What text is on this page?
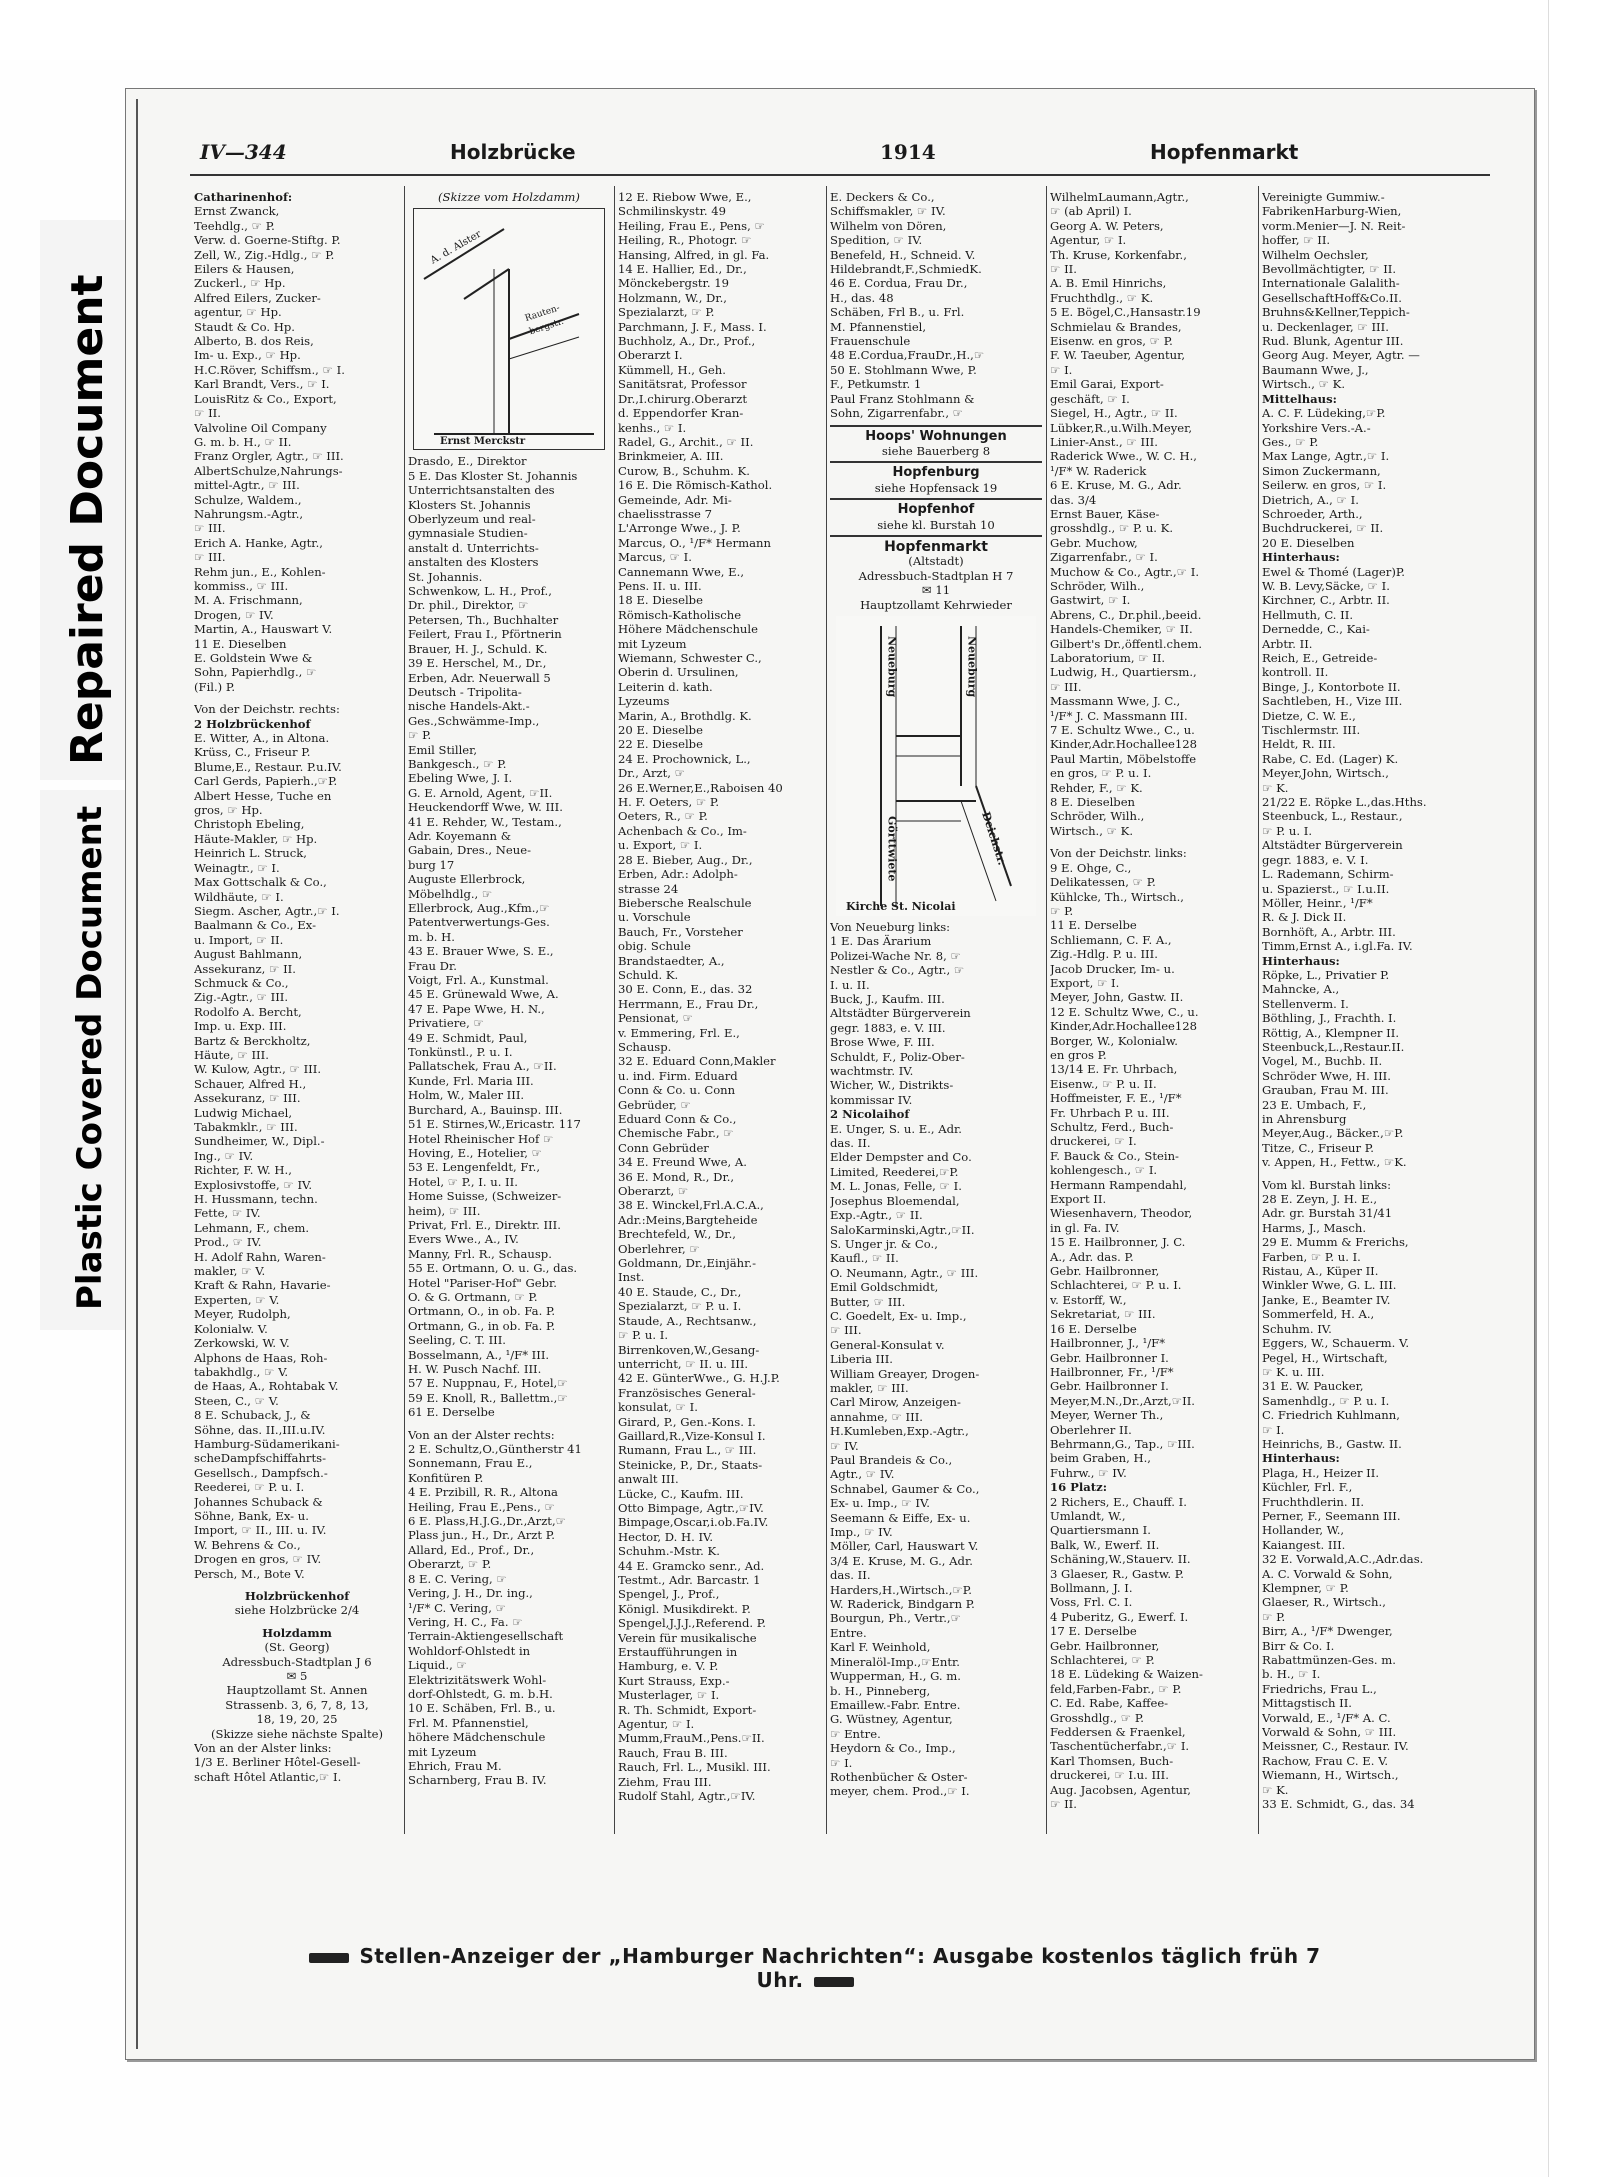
Repaired Document
Plastic Covered Document
IV—344	Holzbrücke	1914	Hopfenmarkt
Catharinenhof:
Ernst Zwanck,
Teehdlg., ☞ P.
Verw. d. Goerne-Stiftg. P.
Zell, W., Zig.-Hdlg., ☞ P.
Eilers & Hausen,
Zuckerl., ☞ Hp.
Alfred Eilers, Zucker-
agentur, ☞ Hp.
Staudt & Co. Hp.
Alberto, B. dos Reis,
Im- u. Exp., ☞ Hp.
H.C.Röver, Schiffsm., ☞ I.
Karl Brandt, Vers., ☞ I.
LouisRitz & Co., Export,
☞ II.
Valvoline Oil Company
G. m. b. H., ☞ II.
Franz Orgler, Agtr., ☞ III.
AlbertSchulze,Nahrungs-
mittel-Agtr., ☞ III.
Schulze, Waldem.,
Nahrungsm.-Agtr.,
☞ III.
Erich A. Hanke, Agtr.,
☞ III.
Rehm jun., E., Kohlen-
kommiss., ☞ III.
M. A. Frischmann,
Drogen, ☞ IV.
Martin, A., Hauswart V.
11 E. Dieselben
E. Goldstein Wwe &
Sohn, Papierhdlg., ☞
(Fil.) P.
Von der Deichstr. rechts:
2 Holzbrückenhof
E. Witter, A., in Altona.
Krüss, C., Friseur P.
Blume,E., Restaur. P.u.IV.
Carl Gerds, Papierh.,☞P.
Albert Hesse, Tuche en
gros, ☞ Hp.
Christoph Ebeling,
Häute-Makler, ☞ Hp.
Heinrich L. Struck,
Weinagtr., ☞ I.
Max Gottschalk & Co.,
Wildhäute, ☞ I.
Siegm. Ascher, Agtr.,☞ I.
Baalmann & Co., Ex-
u. Import, ☞ II.
August Bahlmann,
Assekuranz, ☞ II.
Schmuck & Co.,
Zig.-Agtr., ☞ III.
Rodolfo A. Bercht,
Imp. u. Exp. III.
Bartz & Berckholtz,
Häute, ☞ III.
W. Kulow, Agtr., ☞ III.
Schauer, Alfred H.,
Assekuranz, ☞ III.
Ludwig Michael,
Tabakmklr., ☞ III.
Sundheimer, W., Dipl.-
Ing., ☞ IV.
Richter, F. W. H.,
Explosivstoffe, ☞ IV.
H. Hussmann, techn.
Fette, ☞ IV.
Lehmann, F., chem.
Prod., ☞ IV.
H. Adolf Rahn, Waren-
makler, ☞ V.
Kraft & Rahn, Havarie-
Experten, ☞ V.
Meyer, Rudolph,
Kolonialw. V.
Zerkowski, W. V.
Alphons de Haas, Roh-
tabakhdlg., ☞ V.
de Haas, A., Rohtabak V.
Steen, C., ☞ V.
8 E. Schuback, J., &
Söhne, das. II.,III.u.IV.
Hamburg-Südamerikani-
scheDampfschiffahrts-
Gesellsch., Dampfsch.-
Reederei, ☞ P. u. I.
Johannes Schuback &
Söhne, Bank, Ex- u.
Import, ☞ II., III. u. IV.
W. Behrens & Co.,
Drogen en gros, ☞ IV.
Persch, M., Bote V.
Holzbrückenhof
siehe Holzbrücke 2/4
Holzdamm
(St. Georg)
Adressbuch-Stadtplan J 6
✉ 5
Hauptzollamt St. Annen
Strassenb. 3, 6, 7, 8, 13,
18, 19, 20, 25
(Skizze siehe nächste Spalte)
Von an der Alster links:
1/3 E. Berliner Hôtel-Gesell-
schaft Hôtel Atlantic,☞ I.
(Skizze vom Holzdamm)
A. d. Alster
Rauten-bergstr.
Ernst Merckstr
Drasdo, E., Direktor
5 E. Das Kloster St. Johannis
Unterrichtsanstalten des
Klosters St. Johannis
Oberlyzeum und real-
gymnasiale Studien-
anstalt d. Unterrichts-
anstalten des Klosters
St. Johannis.
Schwenkow, L. H., Prof.,
Dr. phil., Direktor, ☞
Petersen, Th., Buchhalter
Feilert, Frau I., Pförtnerin
Brauer, H. J., Schuld. K.
39 E. Herschel, M., Dr.,
Erben, Adr. Neuerwall 5
Deutsch - Tripolita-
nische Handels-Akt.-
Ges.,Schwämme-Imp.,
☞ P.
Emil Stiller,
Bankgesch., ☞ P.
Ebeling Wwe, J. I.
G. E. Arnold, Agent, ☞II.
Heuckendorff Wwe, W. III.
41 E. Rehder, W., Testam.,
Adr. Koyemann &
Gabain, Dres., Neue-
burg 17
Auguste Ellerbrock,
Möbelhdlg., ☞
Ellerbrock, Aug.,Kfm.,☞
Patentverwertungs-Ges.
m. b. H.
43 E. Brauer Wwe, S. E.,
Frau Dr.
Voigt, Frl. A., Kunstmal.
45 E. Grünewald Wwe, A.
47 E. Pape Wwe, H. N.,
Privatiere, ☞
49 E. Schmidt, Paul,
Tonkünstl., P. u. I.
Pallatschek, Frau A., ☞II.
Kunde, Frl. Maria III.
Holm, W., Maler III.
Burchard, A., Bauinsp. III.
51 E. Stirnes,W.,Ericastr. 117
Hotel Rheinischer Hof ☞
Hoving, E., Hotelier, ☞
53 E. Lengenfeldt, Fr.,
Hotel, ☞ P., I. u. II.
Home Suisse, (Schweizer-
heim), ☞ III.
Privat, Frl. E., Direktr. III.
Evers Wwe., A., IV.
Manny, Frl. R., Schausp.
55 E. Ortmann, O. u. G., das.
Hotel "Pariser-Hof" Gebr.
O. & G. Ortmann, ☞ P.
Ortmann, O., in ob. Fa. P.
Ortmann, G., in ob. Fa. P.
Seeling, C. T. III.
Bosselmann, A., ¹/F* III.
H. W. Pusch Nachf. III.
57 E. Nuppnau, F., Hotel,☞
59 E. Knoll, R., Ballettm.,☞
61 E. Derselbe
Von an der Alster rechts:
2 E. Schultz,O.,Güntherstr 41
Sonnemann, Frau E.,
Konfitüren P.
4 E. Przibill, R. R., Altona
Heiling, Frau E.,Pens., ☞
6 E. Plass,H.J.G.,Dr.,Arzt,☞
Plass jun., H., Dr., Arzt P.
Allard, Ed., Prof., Dr.,
Oberarzt, ☞ P.
8 E. C. Vering, ☞
Vering, J. H., Dr. ing.,
¹/F* C. Vering, ☞
Vering, H. C., Fa. ☞
Terrain-Aktiengesellschaft
Wohldorf-Ohlstedt in
Liquid., ☞
Elektrizitätswerk Wohl-
dorf-Ohlstedt, G. m. b.H.
10 E. Schäben, Frl. B., u.
Frl. M. Pfannenstiel,
höhere Mädchenschule
mit Lyzeum
Ehrich, Frau M.
Scharnberg, Frau B. IV.
12 E. Riebow Wwe, E.,
Schmilinskystr. 49
Heiling, Frau E., Pens, ☞
Heiling, R., Photogr. ☞
Hansing, Alfred, in gl. Fa.
14 E. Hallier, Ed., Dr.,
Mönckebergstr. 19
Holzmann, W., Dr.,
Spezialarzt, ☞ P.
Parchmann, J. F., Mass. I.
Buchholz, A., Dr., Prof.,
Oberarzt I.
Kümmell, H., Geh.
Sanitätsrat, Professor
Dr.,I.chirurg.Oberarzt
d. Eppendorfer Kran-
kenhs., ☞ I.
Radel, G., Archit., ☞ II.
Brinkmeier, A. III.
Curow, B., Schuhm. K.
16 E. Die Römisch-Kathol.
Gemeinde, Adr. Mi-
chaelisstrasse 7
L'Arronge Wwe., J. P.
Marcus, O., ¹/F* Hermann
Marcus, ☞ I.
Cannemann Wwe, E.,
Pens. II. u. III.
18 E. Dieselbe
Römisch-Katholische
Höhere Mädchenschule
mit Lyzeum
Wiemann, Schwester C.,
Oberin d. Ursulinen,
Leiterin d. kath.
Lyzeums
Marin, A., Brothdlg. K.
20 E. Dieselbe
22 E. Dieselbe
24 E. Prochownick, L.,
Dr., Arzt, ☞
26 E.Werner,E.,Raboisen 40
H. F. Oeters, ☞ P.
Oeters, R., ☞ P.
Achenbach & Co., Im-
u. Export, ☞ I.
28 E. Bieber, Aug., Dr.,
Erben, Adr.: Adolph-
strasse 24
Biebersche Realschule
u. Vorschule
Bauch, Fr., Vorsteher
obig. Schule
Brandstaedter, A.,
Schuld. K.
30 E. Conn, E., das. 32
Herrmann, E., Frau Dr.,
Pensionat, ☞
v. Emmering, Frl. E.,
Schausp.
32 E. Eduard Conn,Makler
u. ind. Firm. Eduard
Conn & Co. u. Conn
Gebrüder, ☞
Eduard Conn & Co.,
Chemische Fabr., ☞
Conn Gebrüder
34 E. Freund Wwe, A.
36 E. Mond, R., Dr.,
Oberarzt, ☞
38 E. Winckel,Frl.A.C.A.,
Adr.:Meins,Bargteheide
Brechtefeld, W., Dr.,
Oberlehrer, ☞
Goldmann, Dr.,Einjähr.-
Inst.
40 E. Staude, C., Dr.,
Spezialarzt, ☞ P. u. I.
Staude, A., Rechtsanw.,
☞ P. u. I.
Birrenkoven,W.,Gesang-
unterricht, ☞ II. u. III.
42 E. GünterWwe., G. H.J.P.
Französisches General-
konsulat, ☞ I.
Girard, P., Gen.-Kons. I.
Gaillard,R.,Vize-Konsul I.
Rumann, Frau L., ☞ III.
Steinicke, P., Dr., Staats-
anwalt III.
Lücke, C., Kaufm. III.
Otto Bimpage, Agtr.,☞IV.
Bimpage,Oscar,i.ob.Fa.IV.
Hector, D. H. IV.
Schuhm.-Mstr. K.
44 E. Gramcko senr., Ad.
Testmt., Adr. Barcastr. 1
Spengel, J., Prof.,
Königl. Musikdirekt. P.
Spengel,J.J.J.,Referend. P.
Verein für musikalische
Erstaufführungen in
Hamburg, e. V. P.
Kurt Strauss, Exp.-
Musterlager, ☞ I.
R. Th. Schmidt, Export-
Agentur, ☞ I.
Mumm,FrauM.,Pens.☞II.
Rauch, Frau B. III.
Rauch, Frl. L., Musikl. III.
Ziehm, Frau III.
Rudolf Stahl, Agtr.,☞IV.
E. Deckers & Co.,
Schiffsmakler, ☞ IV.
Wilhelm von Dören,
Spedition, ☞ IV.
Benefeld, H., Schneid. V.
Hildebrandt,F.,SchmiedK.
46 E. Cordua, Frau Dr.,
H., das. 48
Schäben, Frl B., u. Frl.
M. Pfannenstiel,
Frauenschule
48 E.Cordua,FrauDr.,H.,☞
50 E. Stohlmann Wwe, P.
F., Petkumstr. 1
Paul Franz Stohlmann &
Sohn, Zigarrenfabr., ☞
Hoops' Wohnungen
siehe Bauerberg 8
Hopfenburg
siehe Hopfensack 19
Hopfenhof
siehe kl. Burstah 10
Hopfenmarkt
(Altstadt)
Adressbuch-Stadtplan H 7
✉ 11
Hauptzollamt Kehrwieder
Neueburg	Neueburg
Görttwiete	Deichstr.
Kirche St. Nicolai
Von Neueburg links:
1 E. Das Ärarium
Polizei-Wache Nr. 8, ☞
Nestler & Co., Agtr., ☞
I. u. II.
Buck, J., Kaufm. III.
Altstädter Bürgerverein
gegr. 1883, e. V. III.
Brose Wwe, F. III.
Schuldt, F., Poliz-Ober-
wachtmstr. IV.
Wicher, W., Distrikts-
kommissar IV.
2 Nicolaihof
E. Unger, S. u. E., Adr.
das. II.
Elder Dempster and Co.
Limited, Reederei,☞P.
M. L. Jonas, Felle, ☞ I.
Josephus Bloemendal,
Exp.-Agtr., ☞ II.
SaloKarminski,Agtr.,☞II.
S. Unger jr. & Co.,
Kaufl., ☞ II.
O. Neumann, Agtr., ☞ III.
Emil Goldschmidt,
Butter, ☞ III.
C. Goedelt, Ex- u. Imp.,
☞ III.
General-Konsulat v.
Liberia III.
William Greayer, Drogen-
makler, ☞ III.
Carl Mirow, Anzeigen-
annahme, ☞ III.
H.Kumleben,Exp.-Agtr.,
☞ IV.
Paul Brandeis & Co.,
Agtr., ☞ IV.
Schnabel, Gaumer & Co.,
Ex- u. Imp., ☞ IV.
Seemann & Eiffe, Ex- u.
Imp., ☞ IV.
Möller, Carl, Hauswart V.
3/4 E. Kruse, M. G., Adr.
das. II.
Harders,H.,Wirtsch.,☞P.
W. Raderick, Bindgarn P.
Bourgun, Ph., Vertr.,☞
Entre.
Karl F. Weinhold,
Mineralöl-Imp.,☞Entr.
Wupperman, H., G. m.
b. H., Pinneberg,
Emaillew.-Fabr. Entre.
G. Wüstney, Agentur,
☞ Entre.
Heydorn & Co., Imp.,
☞ I.
Rothenbücher & Oster-
meyer, chem. Prod.,☞ I.
WilhelmLaumann,Agtr.,
☞ (ab April) I.
Georg A. W. Peters,
Agentur, ☞ I.
Th. Kruse, Korkenfabr.,
☞ II.
A. B. Emil Hinrichs,
Fruchthdlg., ☞ K.
5 E. Bögel,C.,Hansastr.19
Schmielau & Brandes,
Eisenw. en gros, ☞ P.
F. W. Taeuber, Agentur,
☞ I.
Emil Garai, Export-
geschäft, ☞ I.
Siegel, H., Agtr., ☞ II.
Lübker,R.,u.Wilh.Meyer,
Linier-Anst., ☞ III.
Raderick Wwe., W. C. H.,
¹/F* W. Raderick
6 E. Kruse, M. G., Adr.
das. 3/4
Ernst Bauer, Käse-
grosshdlg., ☞ P. u. K.
Gebr. Muchow,
Zigarrenfabr., ☞ I.
Muchow & Co., Agtr.,☞ I.
Schröder, Wilh.,
Gastwirt, ☞ I.
Abrens, C., Dr.phil.,beeid.
Handels-Chemiker, ☞ II.
Gilbert's Dr.,öffentl.chem.
Laboratorium, ☞ II.
Ludwig, H., Quartiersm.,
☞ III.
Massmann Wwe, J. C.,
¹/F* J. C. Massmann III.
7 E. Schultz Wwe., C., u.
Kinder,Adr.Hochallee128
Paul Martin, Möbelstoffe
en gros, ☞ P. u. I.
Rehder, F., ☞ K.
8 E. Dieselben
Schröder, Wilh.,
Wirtsch., ☞ K.
Von der Deichstr. links:
9 E. Ohge, C.,
Delikatessen, ☞ P.
Kühlcke, Th., Wirtsch.,
☞ P.
11 E. Derselbe
Schliemann, C. F. A.,
Zig.-Hdlg. P. u. III.
Jacob Drucker, Im- u.
Export, ☞ I.
Meyer, John, Gastw. II.
12 E. Schultz Wwe, C., u.
Kinder,Adr.Hochallee128
Borger, W., Kolonialw.
en gros P.
13/14 E. Fr. Uhrbach,
Eisenw., ☞ P. u. II.
Hoffmeister, F. E., ¹/F*
Fr. Uhrbach P. u. III.
Schultz, Ferd., Buch-
druckerei, ☞ I.
F. Bauck & Co., Stein-
kohlengesch., ☞ I.
Hermann Rampendahl,
Export II.
Wiesenhavern, Theodor,
in gl. Fa. IV.
15 E. Hailbronner, J. C.
A., Adr. das. P.
Gebr. Hailbronner,
Schlachterei, ☞ P. u. I.
v. Estorff, W.,
Sekretariat, ☞ III.
16 E. Derselbe
Hailbronner, J., ¹/F*
Gebr. Hailbronner I.
Hailbronner, Fr., ¹/F*
Gebr. Hailbronner I.
Meyer,M.N.,Dr.,Arzt,☞II.
Meyer, Werner Th.,
Oberlehrer II.
Behrmann,G., Tap., ☞III.
beim Graben, H.,
Fuhrw., ☞ IV.
16 Platz:
2 Richers, E., Chauff. I.
Umlandt, W.,
Quartiersmann I.
Balk, W., Ewerf. II.
Schäning,W.,Stauerv. II.
3 Glaeser, R., Gastw. P.
Bollmann, J. I.
Voss, Frl. C. I.
4 Puberitz, G., Ewerf. I.
17 E. Derselbe
Gebr. Hailbronner,
Schlachterei, ☞ P.
18 E. Lüdeking & Waizen-
feld,Farben-Fabr., ☞ P.
C. Ed. Rabe, Kaffee-
Grosshdlg., ☞ P.
Feddersen & Fraenkel,
Taschentücherfabr.,☞ I.
Karl Thomsen, Buch-
druckerei, ☞ I.u. III.
Aug. Jacobsen, Agentur,
☞ II.
Vereinigte Gummiw.-
FabrikenHarburg-Wien,
vorm.Menier—J. N. Reit-
hoffer, ☞ II.
Wilhelm Oechsler,
Bevollmächtigter, ☞ II.
Internationale Galalith-
GesellschaftHoff&Co.II.
Bruhns&Kellner,Teppich-
u. Deckenlager, ☞ III.
Rud. Blunk, Agentur III.
Georg Aug. Meyer, Agtr. —
Baumann Wwe, J.,
Wirtsch., ☞ K.
Mittelhaus:
A. C. F. Lüdeking,☞P.
Yorkshire Vers.-A.-
Ges., ☞ P.
Max Lange, Agtr.,☞ I.
Simon Zuckermann,
Seilerw. en gros, ☞ I.
Dietrich, A., ☞ I.
Schroeder, Arth.,
Buchdruckerei, ☞ II.
20 E. Dieselben
Hinterhaus:
Ewel & Thomé (Lager)P.
W. B. Levy,Säcke, ☞ I.
Kirchner, C., Arbtr. II.
Hellmuth, C. II.
Dernedde, C., Kai-
Arbtr. II.
Reich, E., Getreide-
kontroll. II.
Binge, J., Kontorbote II.
Sachtleben, H., Vize III.
Dietze, C. W. E.,
Tischlermstr. III.
Heldt, R. III.
Rabe, C. Ed. (Lager) K.
Meyer,John, Wirtsch.,
☞ K.
21/22 E. Röpke L.,das.Hths.
Steenbuck, L., Restaur.,
☞ P. u. I.
Altstädter Bürgerverein
gegr. 1883, e. V. I.
L. Rademann, Schirm-
u. Spazierst., ☞ I.u.II.
Möller, Heinr., ¹/F*
R. & J. Dick II.
Bornhöft, A., Arbtr. III.
Timm,Ernst A., i.gl.Fa. IV.
Hinterhaus:
Röpke, L., Privatier P.
Mahncke, A.,
Stellenverm. I.
Böthling, J., Frachth. I.
Röttig, A., Klempner II.
Steenbuck,L.,Restaur.II.
Vogel, M., Buchb. II.
Schröder Wwe, H. III.
Grauban, Frau M. III.
23 E. Umbach, F.,
in Ahrensburg
Meyer,Aug., Bäcker.,☞P.
Titze, C., Friseur P.
v. Appen, H., Fettw., ☞K.
Vom kl. Burstah links:
28 E. Zeyn, J. H. E.,
Adr. gr. Burstah 31/41
Harms, J., Masch.
29 E. Mumm & Frerichs,
Farben, ☞ P. u. I.
Ristau, A., Küper II.
Winkler Wwe, G. L. III.
Janke, E., Beamter IV.
Sommerfeld, H. A.,
Schuhm. IV.
Eggers, W., Schauerm. V.
Pegel, H., Wirtschaft,
☞ K. u. III.
31 E. W. Paucker,
Samenhdlg., ☞ P. u. I.
C. Friedrich Kuhlmann,
☞ I.
Heinrichs, B., Gastw. II.
Hinterhaus:
Plaga, H., Heizer II.
Küchler, Frl. F.,
Fruchthdlerin. II.
Perner, F., Seemann III.
Hollander, W.,
Kaiangest. III.
32 E. Vorwald,A.C.,Adr.das.
A. C. Vorwald & Sohn,
Klempner, ☞ P.
Glaeser, R., Wirtsch.,
☞ P.
Birr, A., ¹/F* Dwenger,
Birr & Co. I.
Rabattmünzen-Ges. m.
b. H., ☞ I.
Friedrichs, Frau L.,
Mittagstisch II.
Vorwald, E., ¹/F* A. C.
Vorwald & Sohn, ☞ III.
Meissner, C., Restaur. IV.
Rachow, Frau C. E. V.
Wiemann, H., Wirtsch.,
☞ K.
33 E. Schmidt, G., das. 34
Stellen-Anzeiger der „Hamburger Nachrichten“: Ausgabe kostenlos täglich früh 7 Uhr.
